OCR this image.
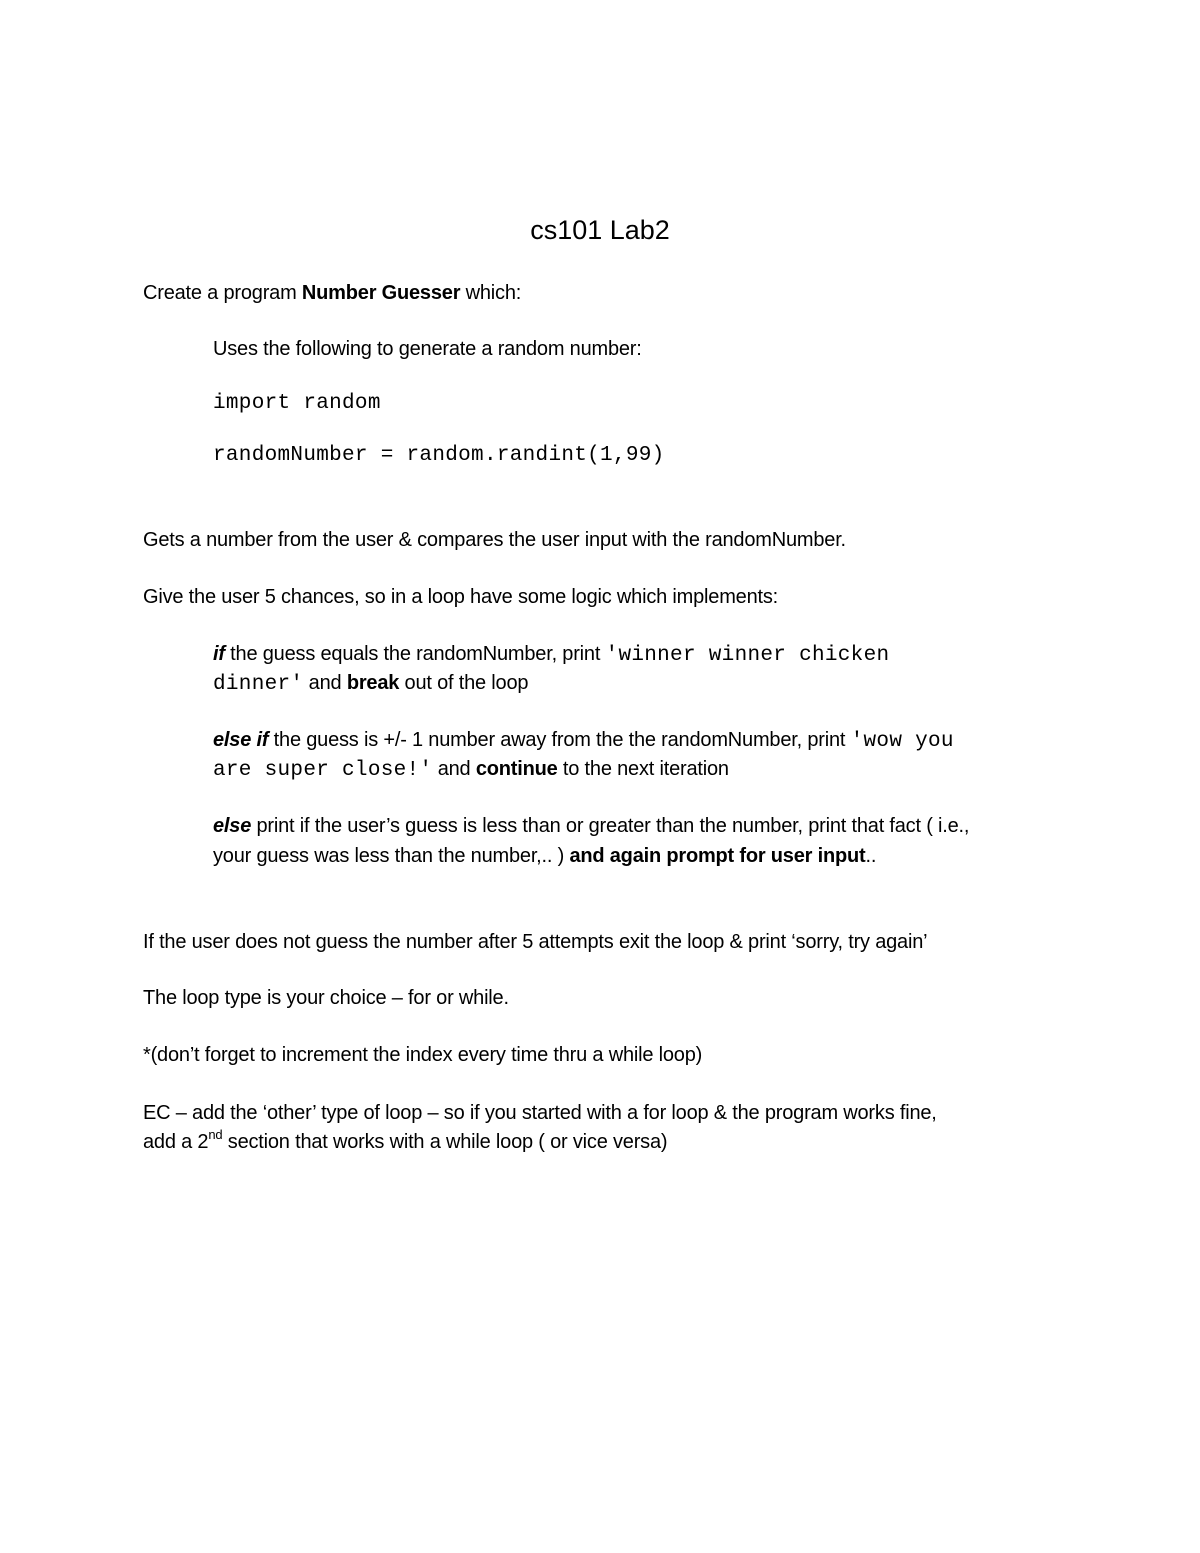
cs101 Lab2
Create a program Number Guesser which:
Uses the following to generate a random number:
import random
randomNumber = random.randint(1,99)
Gets a number from the user & compares the user input with the randomNumber.
Give the user 5 chances, so in a loop have some logic which implements:
if the guess equals the randomNumber, print 'winner winner chicken
dinner' and break out of the loop
else if the guess is +/- 1 number away from the the randomNumber, print 'wow you
are super close!' and continue to the next iteration
else print if the user’s guess is less than or greater than the number, print that fact ( i.e.,
your guess was less than the number,.. ) and again prompt for user input..
If the user does not guess the number after 5 attempts exit the loop & print ‘sorry, try again’
The loop type is your choice – for or while.
*(don’t forget to increment the index every time thru a while loop)
EC – add the ‘other’ type of loop – so if you started with a for loop & the program works fine,
add a 2nd section that works with a while loop ( or vice versa)
